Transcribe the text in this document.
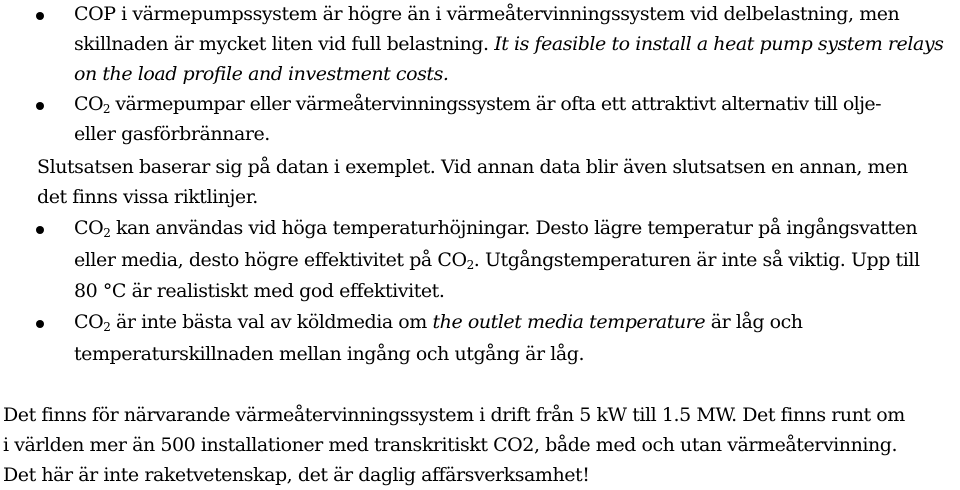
COP i värmepumpssystem är högre än i värmeåtervinningssystem vid delbelastning, men
skillnaden är mycket liten vid full belastning. It is feasible to install a heat pump system relays
on the load profile and investment costs.
$CO_2$ värmepumpar eller värmeåtervinningssystem är ofta ett attraktivt alternativ till olje-
eller gasförbrännare.
Slutsatsen baserar sig på datan i exemplet. Vid annan data blir även slutsatsen en annan, men
det finns vissa riktlinjer.
$CO_2$ kan användas vid höga temperaturhöjningar. Desto lägre temperatur på ingångsvatten
eller media, desto högre effektivitet på $CO_2$. Utgångstemperaturen är inte så viktig. Upp till
80 °C är realistiskt med god effektivitet.
$CO_2$ är inte bästa val av köldmedia om the outlet media temperature är låg och
temperaturskillnaden mellan ingång och utgång är låg.
Det finns för närvarande värmeåtervinningssystem i drift från 5 kW till 1.5 MW. Det finns runt om
i världen mer än 500 installationer med transkritiskt CO2, både med och utan värmeåtervinning.
Det här är inte raketvetenskap, det är daglig affärsverksamhet!
